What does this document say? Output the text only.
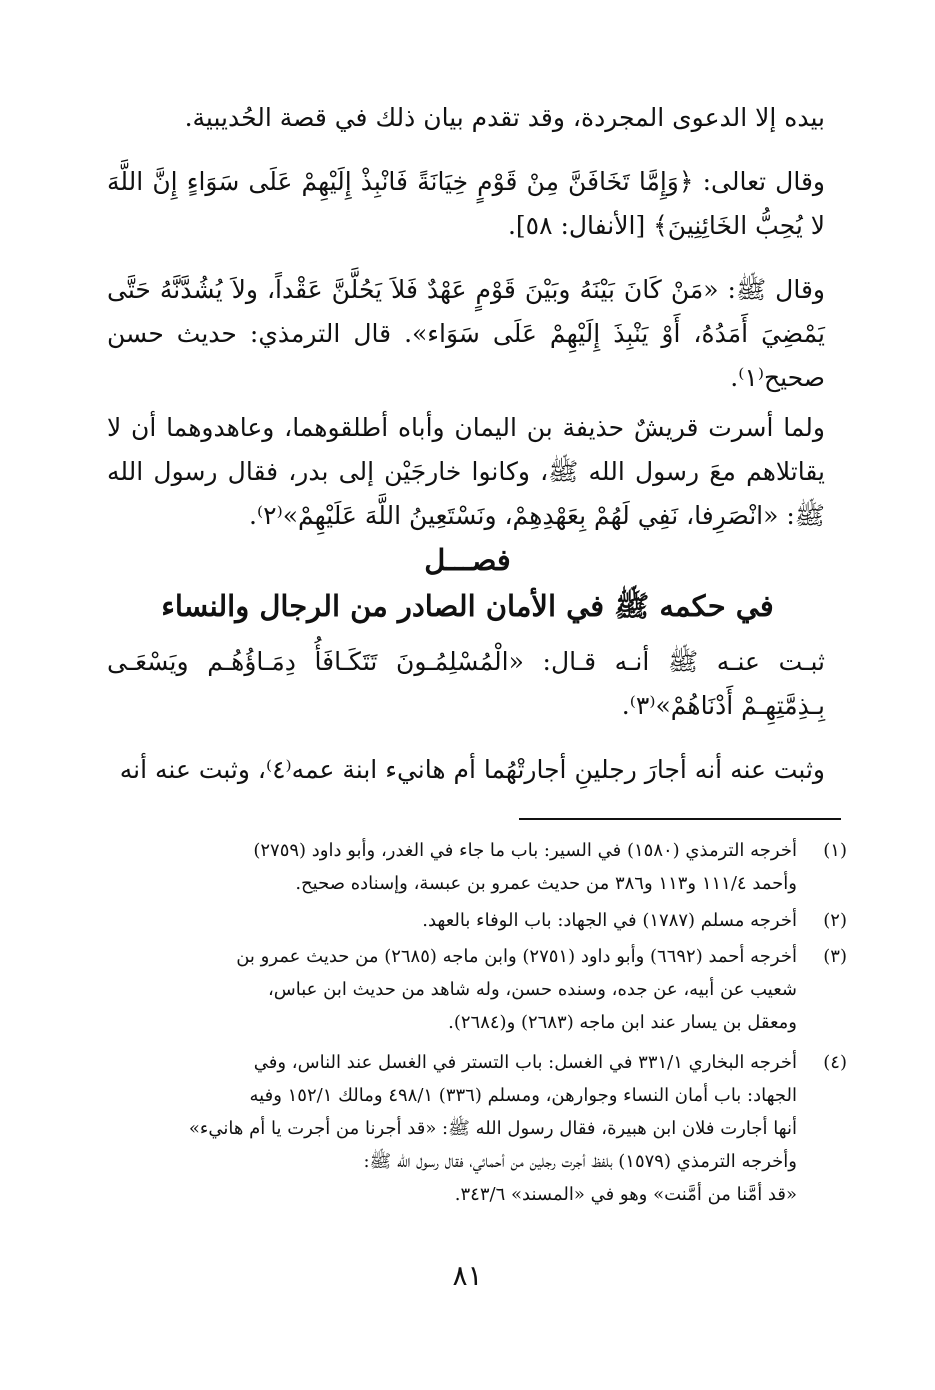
بيده إلا الدعوى المجردة، وقد تقدم بيان ذلك في قصة الحُديبية.

وقال تعالى: ﴿وَإِمَّا تَخَافَنَّ مِنْ قَوْمٍ خِيَانَةً فَانْبِذْ إِلَيْهِمْ عَلَى سَوَاءٍ إِنَّ اللَّهَ لا يُحِبُّ الخَائِنِينَ﴾ [الأنفال: ٥٨].

وقال ﷺ: «مَنْ كَانَ بَيْنَهُ وبَيْنَ قَوْمٍ عَهْدٌ فَلاَ يَحُلَّنَّ عَقْداً، ولاَ يُشُدَّنَّهُ حَتَّى يَمْضِيَ أَمَدُهُ، أَوْ يَنْبِذَ إِلَيْهِمْ عَلَى سَوَاء». قال الترمذي: حديث حسن صحيح⁽١⁾.

ولما أسرت قريشٌ حذيفة بن اليمان وأباه أطلقوهما، وعاهدوهما أن لا يقاتلاهم معَ رسول الله ﷺ، وكانوا خارجَيْن إلى بدر، فقال رسول الله ﷺ: «انْصَرِفا، نَفِي لَهُمْ بِعَهْدِهِمْ، ونَسْتَعِينُ اللَّهَ عَلَيْهِمْ»⁽٢⁾.

فصـــل
في حكمه ﷺ في الأمان الصادر من الرجال والنساء

ثبـت عنـه ﷺ أنـه قـال: «الْمُسْلِمُـونَ تَتَكَـافَأُ دِمَـاؤُهُـم ويَسْعَـى بِـذِمَّتِهِـمْ أَدْنَاهُمْ»⁽٣⁾.

وثبت عنه أنه أجارَ رجلينِ أجارتْهُما أم هانيء ابنة عمه⁽٤⁾، وثبت عنه أنه

(١)
أخرجه الترمذي (١٥٨٠) في السير: باب ما جاء في الغدر، وأبو داود (٢٧٥٩)
وأحمد ١١١/٤ و١١٣ و٣٨٦ من حديث عمرو بن عبسة، وإسناده صحيح.
(٢)
أخرجه مسلم (١٧٨٧) في الجهاد: باب الوفاء بالعهد.
(٣)
أخرجه أحمد (٦٦٩٢) وأبو داود (٢٧٥١) وابن ماجه (٢٦٨٥) من حديث عمرو بن
شعيب عن أبيه، عن جده، وسنده حسن، وله شاهد من حديث ابن عباس،
ومعقل بن يسار عند ابن ماجه (٢٦٨٣) و(٢٦٨٤).
(٤)
أخرجه البخاري ٣٣١/١ في الغسل: باب التستر في الغسل عند الناس، وفي
الجهاد: باب أمان النساء وجوارهن، ومسلم (٣٣٦) ٤٩٨/١ ومالك ١٥٢/١ وفيه
أنها أجارت فلان ابن هبيرة، فقال رسول الله ﷺ: «قد أجرنا من أجرت يا أم هانيء»
وأخرجه الترمذي (١٥٧٩) بلفظ أجرت رجلين من أحمائي، فقال رسول الله ﷺ:
«قد أمَّنا من أمَّنت» وهو في «المسند» ٣٤٣/٦.
٨١
